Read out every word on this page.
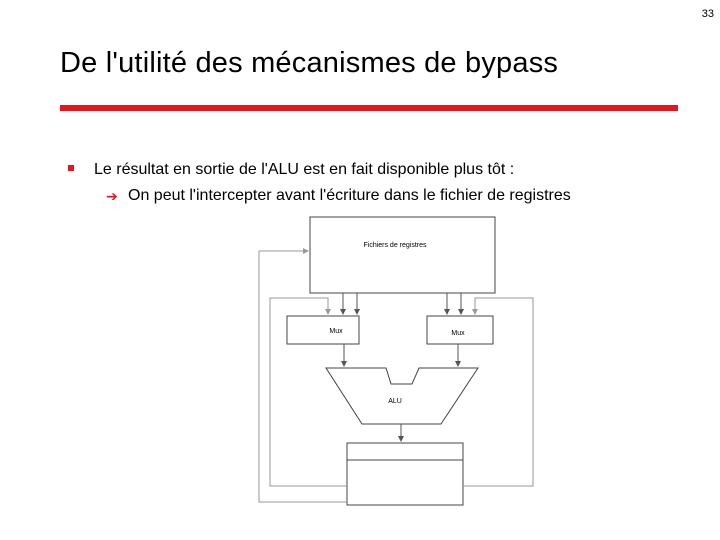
33
De l'utilité des mécanismes de bypass
Le résultat en sortie de l'ALU est en fait disponible plus tôt :
➔ On peut l'intercepter avant l'écriture dans le fichier de registres
Fichiers de registres
Mux	Mux
ALU
